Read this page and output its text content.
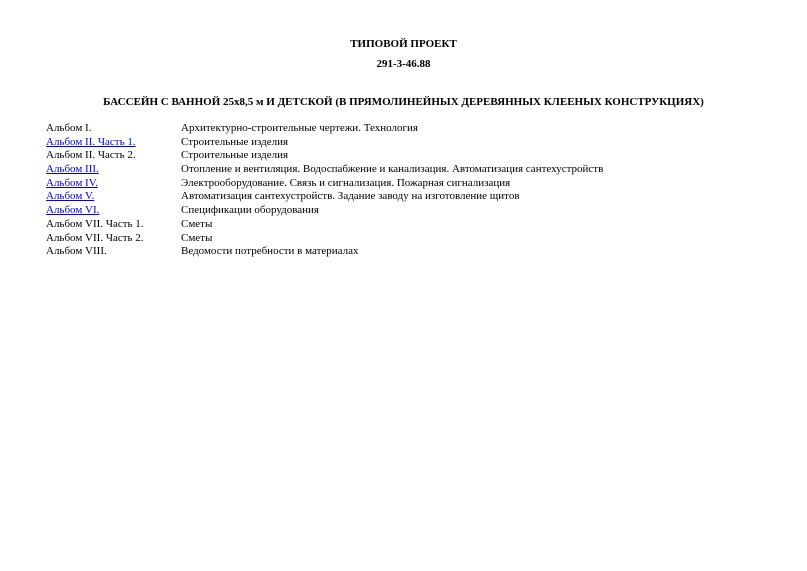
ТИПОВОЙ ПРОЕКТ
291-3-46.88
БАССЕЙН С ВАННОЙ 25х8,5 м И ДЕТСКОЙ (В ПРЯМОЛИНЕЙНЫХ ДЕРЕВЯННЫХ КЛЕЕНЫХ КОНСТРУКЦИЯХ)
Альбом I.	Архитектурно-строительные чертежи. Технология
Альбом II. Часть 1.	Строительные изделия
Альбом II. Часть 2.	Строительные изделия
Альбом III.	Отопление и вентиляция. Водоспабжение и канализация. Автоматизация сантехустройств
Альбом IV.	Электрооборудование. Связь и сигнализация. Пожарная сигнализация
Альбом V.	Автоматизация сантехустройств. Задание заводу на изготовление щитов
Альбом VI.	Спецификации оборудования
Альбом VII. Часть 1.	Сметы
Альбом VII. Часть 2.	Сметы
Альбом VIII.	Ведомости потребности в материалах
